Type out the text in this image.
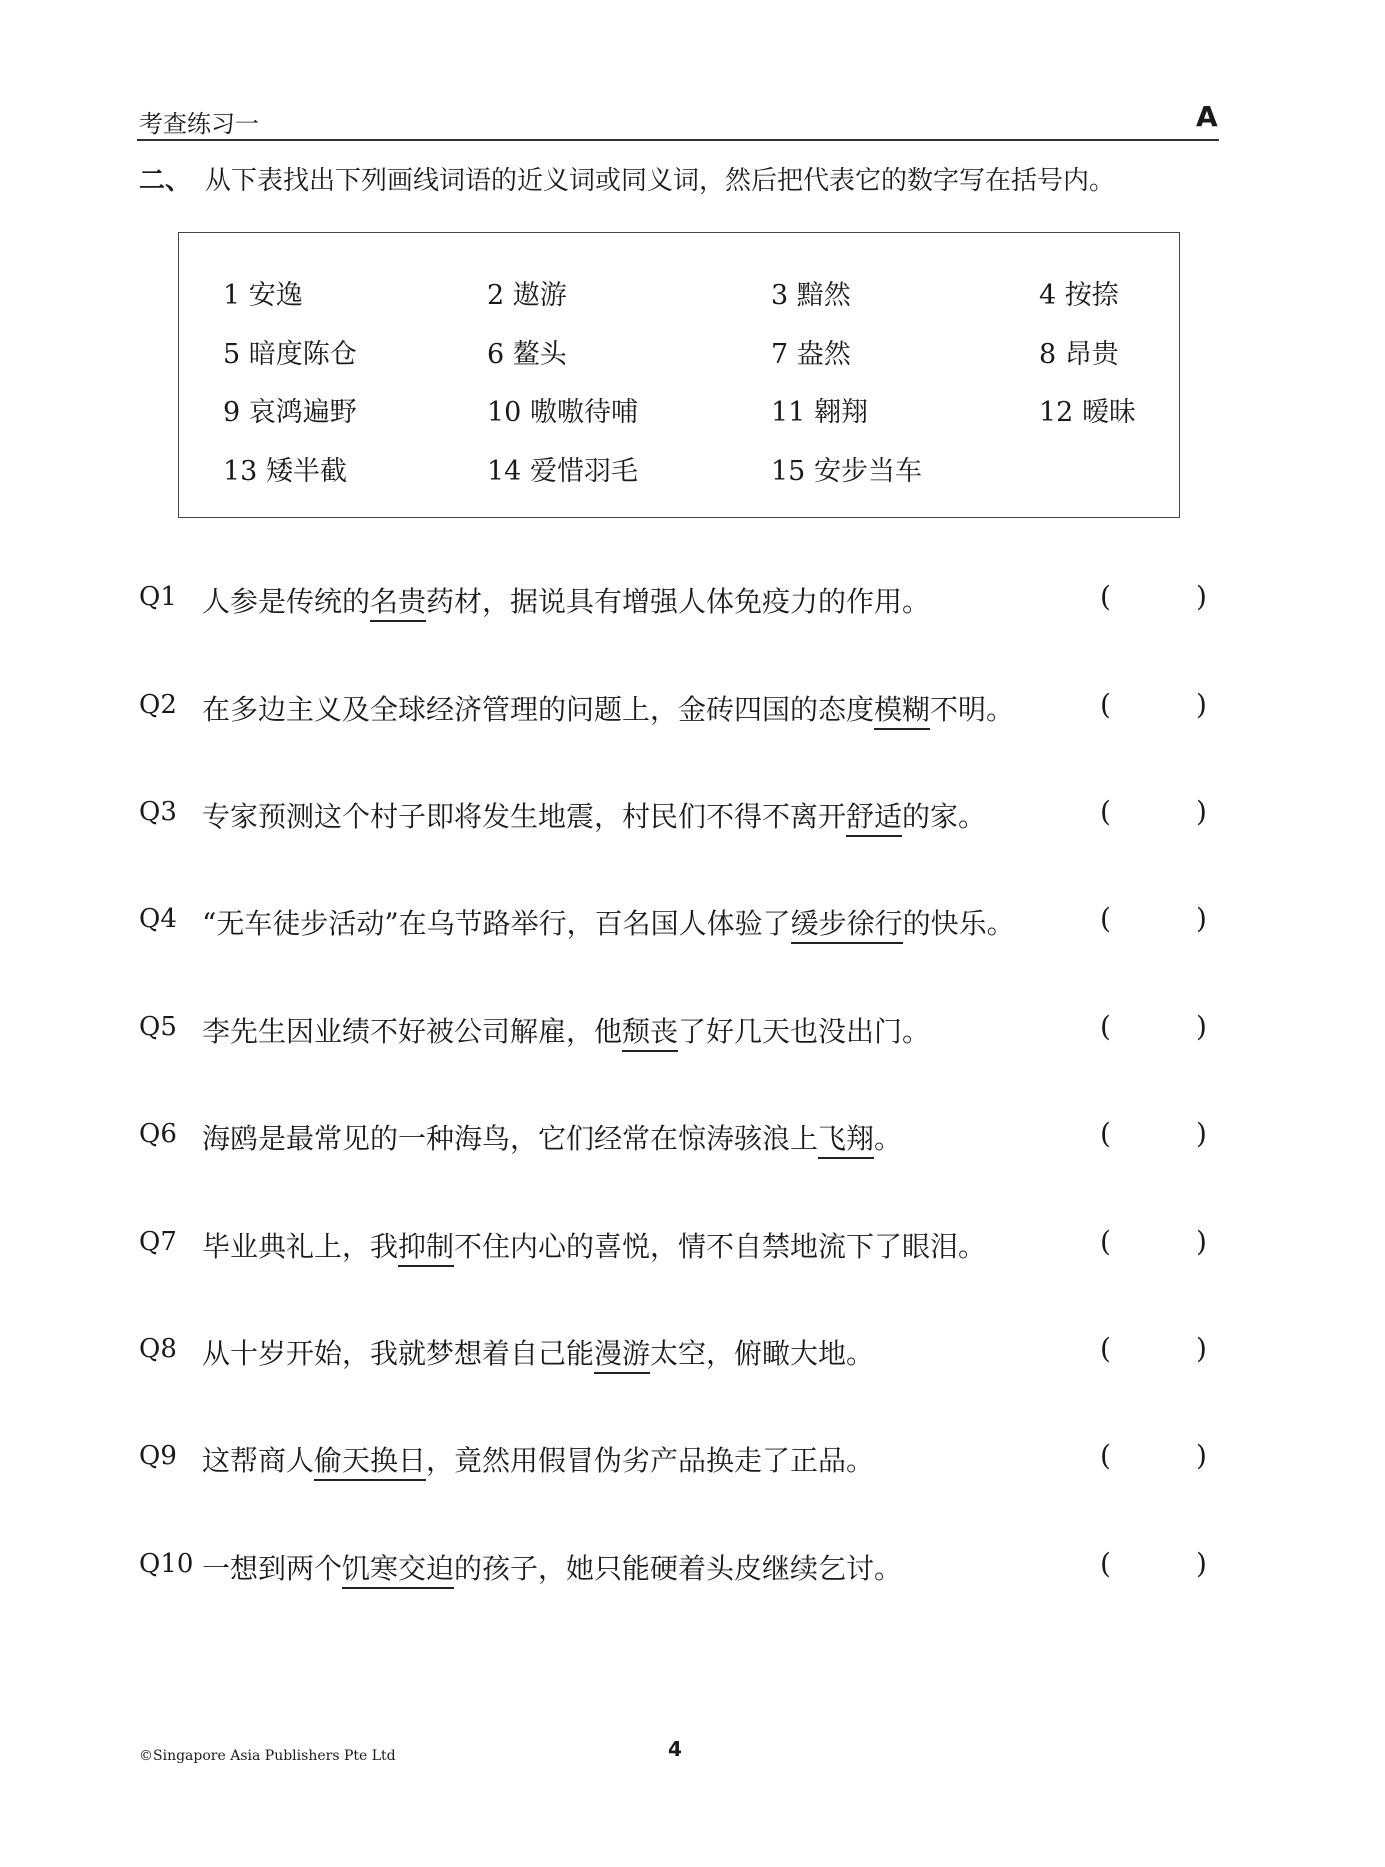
考查练习一	A
二、 从下表找出下列画线词语的近义词或同义词，然后把代表它的数字写在括号内。
1 安逸	2 遨游	3 黯然	4 按捺
5 暗度陈仓	6 鳌头	7 盎然	8 昂贵
9 哀鸿遍野	10 嗷嗷待哺	11 翱翔	12 暧昧
13 矮半截	14 爱惜羽毛	15 安步当车
Q1 人参是传统的名贵药材，据说具有增强人体免疫力的作用。	(	)
Q2 在多边主义及全球经济管理的问题上，金砖四国的态度模糊不明。	(	)
Q3 专家预测这个村子即将发生地震，村民们不得不离开舒适的家。	(	)
Q4 “无车徒步活动”在乌节路举行，百名国人体验了缓步徐行的快乐。	(	)
Q5 李先生因业绩不好被公司解雇，他颓丧了好几天也没出门。	(	)
Q6 海鸥是最常见的一种海鸟，它们经常在惊涛骇浪上飞翔。	(	)
Q7 毕业典礼上，我抑制不住内心的喜悦，情不自禁地流下了眼泪。	(	)
Q8 从十岁开始，我就梦想着自己能漫游太空，俯瞰大地。	(	)
Q9 这帮商人偷天换日，竟然用假冒伪劣产品换走了正品。	(	)
Q10 一想到两个饥寒交迫的孩子，她只能硬着头皮继续乞讨。	(	)
©Singapore Asia Publishers Pte Ltd	4
